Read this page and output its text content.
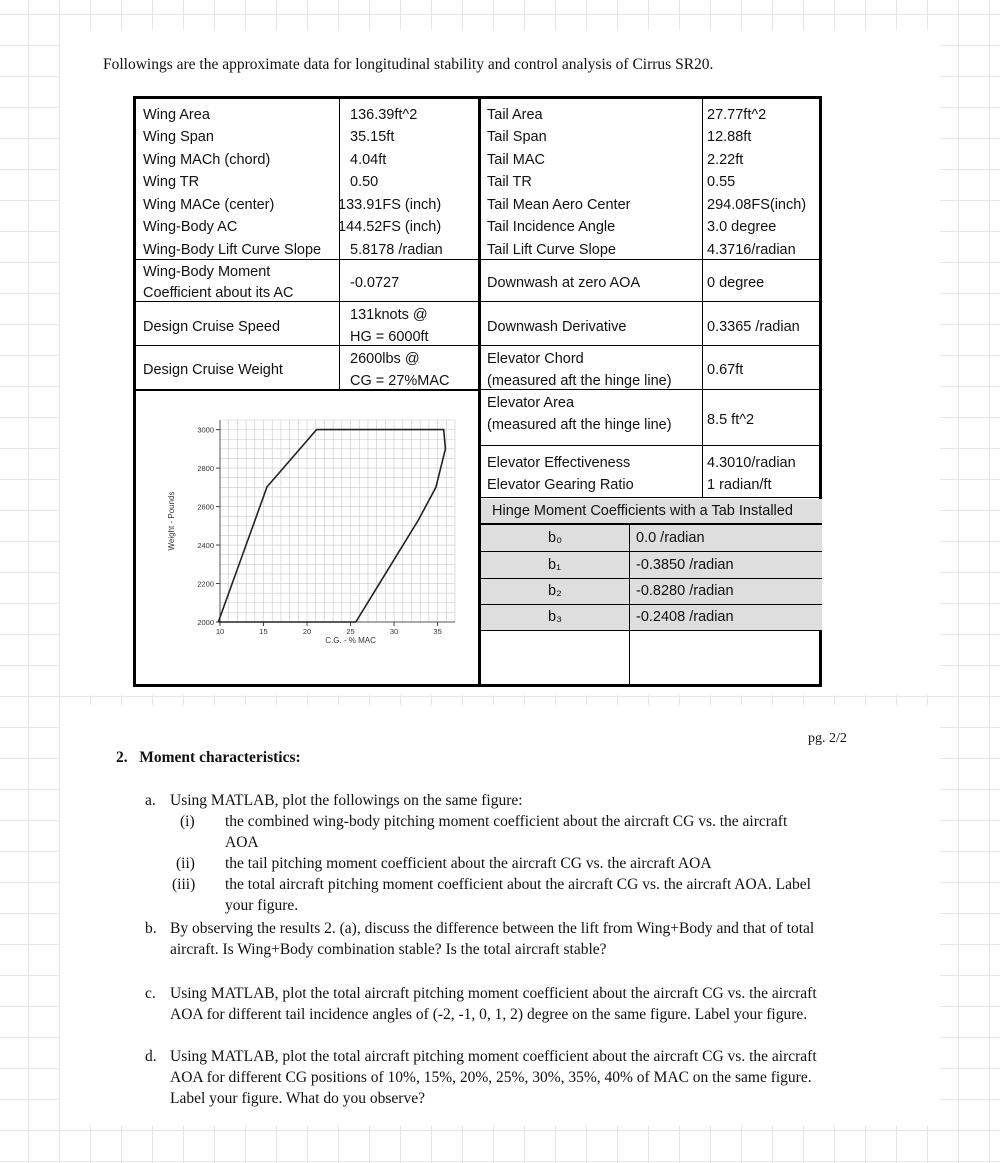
Followings are the approximate data for longitudinal stability and control analysis of Cirrus SR20.
Wing Area	136.39ft^2
Wing Span	35.15ft
Wing MACh (chord)	4.04ft
Wing TR	0.50
Wing MACe (center)	133.91FS (inch)
Wing-Body AC	144.52FS (inch)
Wing-Body Lift Curve Slope 5.8178 /radian
Wing-Body Moment
Coefficient about its AC
-0.0727
Design Cruise Speed
131knots @
HG = 6000ft
Design Cruise Weight
2600lbs @
CG = 27%MAC
Tail Area	27.77ft^2
Tail Span	12.88ft
Tail MAC	2.22ft
Tail TR	0.55
Tail Mean Aero Center	294.08FS(inch)
Tail Incidence Angle	3.0 degree
Tail Lift Curve Slope	4.3716/radian
Downwash at zero AOA	0 degree
Downwash Derivative	0.3365 /radian
Elevator Chord
(measured aft the hinge line)
0.67ft
Elevator Area
(measured aft the hinge line) 8.5 ft^2
Elevator Effectiveness	4.3010/radian
Elevator Gearing Ratio	1 radian/ft
Hinge Moment Coefficients with a Tab Installed
b₀	0.0 /radian
b₁	-0.3850 /radian
b₂	-0.8280 /radian
b₃	-0.2408 /radian
10	15	20	25	30	35
2000
2200
2400
2600
2800
3000
C.G. - % MAC
Weight - Pounds
pg. 2/2
2. Moment characteristics:
a. Using MATLAB, plot the followings on the same figure:
(i) the combined wing-body pitching moment coefficient about the aircraft CG vs. the aircraft
AOA
(ii) the tail pitching moment coefficient about the aircraft CG vs. the aircraft AOA
(iii) the total aircraft pitching moment coefficient about the aircraft CG vs. the aircraft AOA. Label
your figure.
b. By observing the results 2. (a), discuss the difference between the lift from Wing+Body and that of total
aircraft. Is Wing+Body combination stable? Is the total aircraft stable?
c. Using MATLAB, plot the total aircraft pitching moment coefficient about the aircraft CG vs. the aircraft
AOA for different tail incidence angles of (-2, -1, 0, 1, 2) degree on the same figure. Label your figure.
d. Using MATLAB, plot the total aircraft pitching moment coefficient about the aircraft CG vs. the aircraft
AOA for different CG positions of 10%, 15%, 20%, 25%, 30%, 35%, 40% of MAC on the same figure.
Label your figure. What do you observe?
